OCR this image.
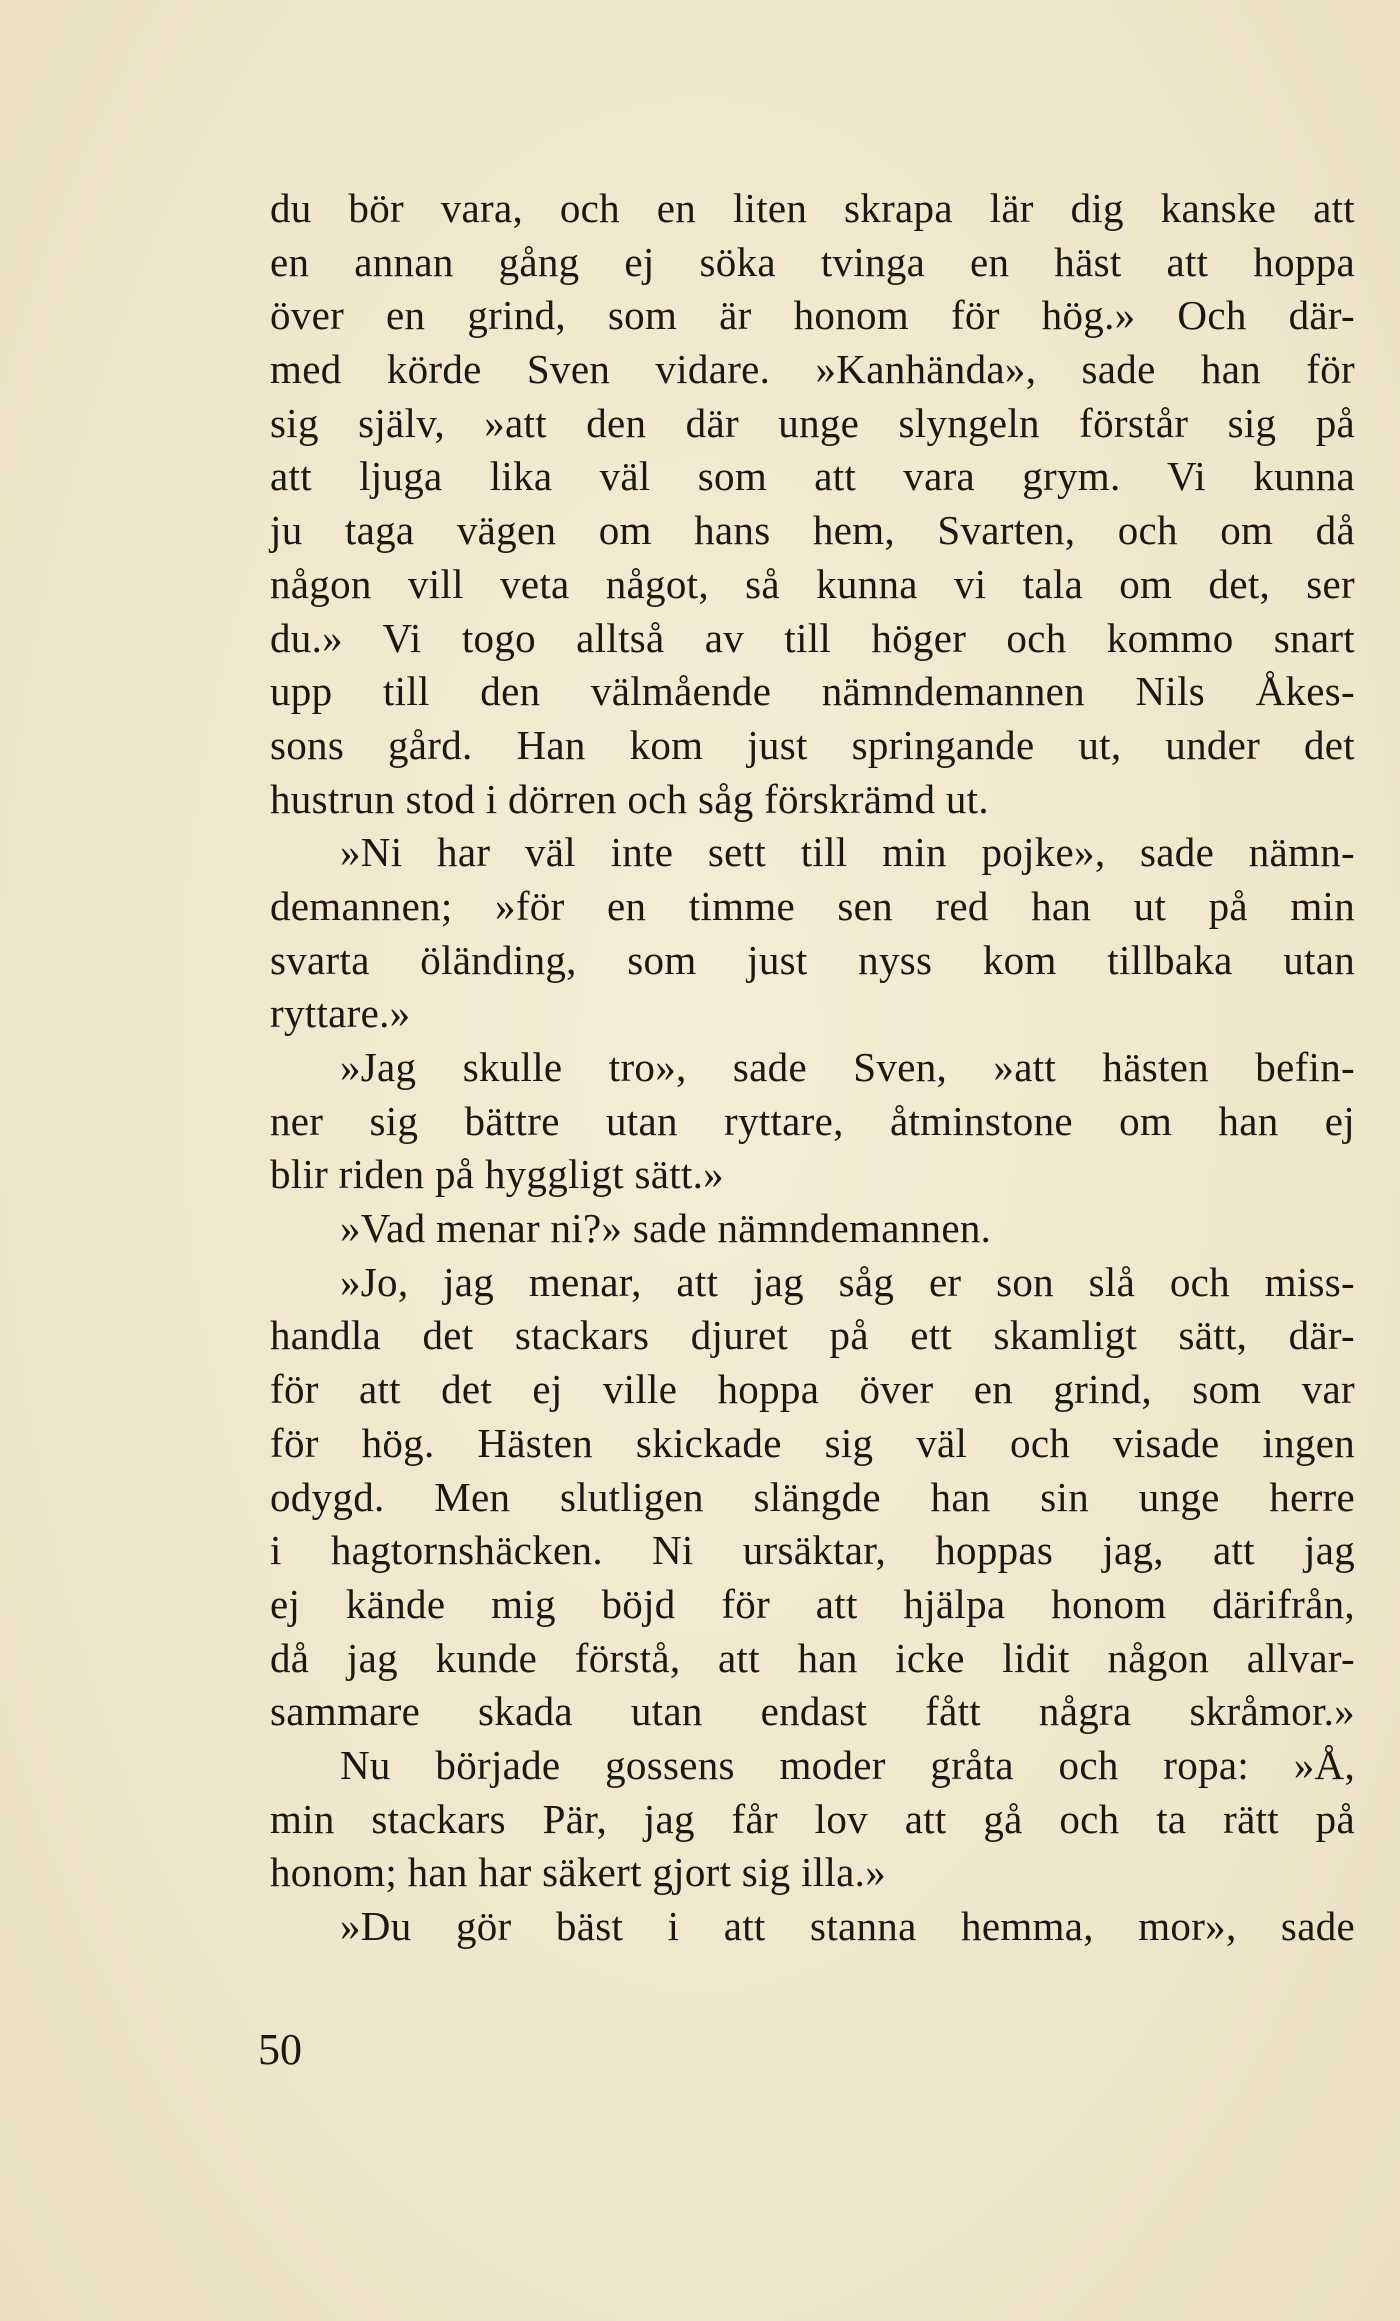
du bör vara, och en liten skrapa lär dig kanske att
en annan gång ej söka tvinga en häst att hoppa
över en grind, som är honom för hög.» Och där-
med körde Sven vidare. »Kanhända», sade han för
sig själv, »att den där unge slyngeln förstår sig på
att ljuga lika väl som att vara grym. Vi kunna
ju taga vägen om hans hem, Svarten, och om då
någon vill veta något, så kunna vi tala om det, ser
du.» Vi togo alltså av till höger och kommo snart
upp till den välmående nämndemannen Nils Åkes-
sons gård. Han kom just springande ut, under det
hustrun stod i dörren och såg förskrämd ut.
»Ni har väl inte sett till min pojke», sade nämn-
demannen; »för en timme sen red han ut på min
svarta öländing, som just nyss kom tillbaka utan
ryttare.»
»Jag skulle tro», sade Sven, »att hästen befin-
ner sig bättre utan ryttare, åtminstone om han ej
blir riden på hyggligt sätt.»
»Vad menar ni?» sade nämndemannen.
»Jo, jag menar, att jag såg er son slå och miss-
handla det stackars djuret på ett skamligt sätt, där-
för att det ej ville hoppa över en grind, som var
för hög. Hästen skickade sig väl och visade ingen
odygd. Men slutligen slängde han sin unge herre
i hagtornshäcken. Ni ursäktar, hoppas jag, att jag
ej kände mig böjd för att hjälpa honom därifrån,
då jag kunde förstå, att han icke lidit någon allvar-
sammare skada utan endast fått några skråmor.»
Nu började gossens moder gråta och ropa: »Å,
min stackars Pär, jag får lov att gå och ta rätt på
honom; han har säkert gjort sig illa.»
»Du gör bäst i att stanna hemma, mor», sade
50
